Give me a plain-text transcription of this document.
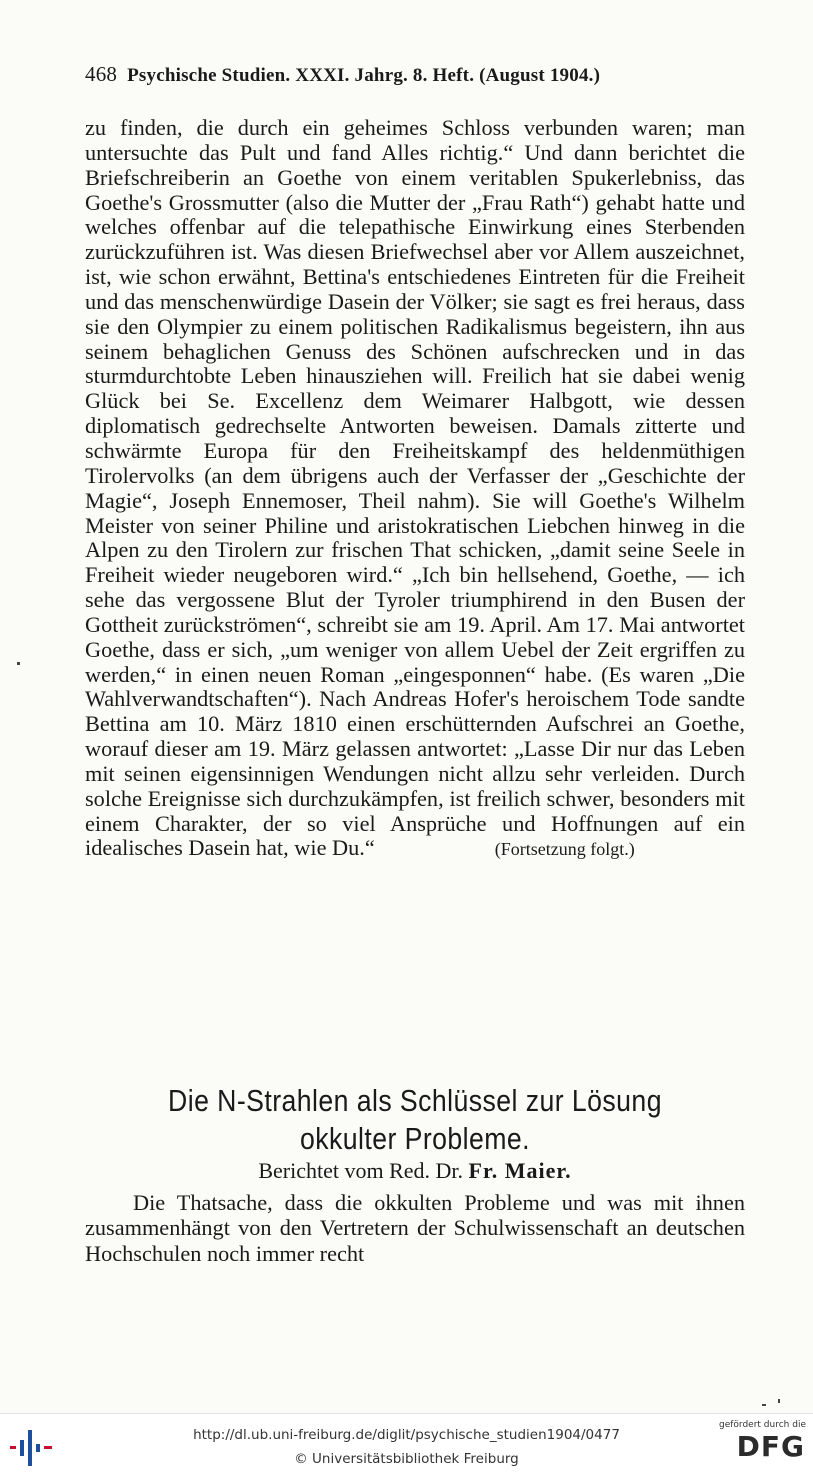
468 Psychische Studien. XXXI. Jahrg. 8. Heft. (August 1904.)

zu finden, die durch ein geheimes Schloss verbunden waren; man untersuchte das Pult und fand Alles richtig.“ Und dann berichtet die Briefschreiberin an Goethe von einem veritablen Spukerlebniss, das Goethe's Grossmutter (also die Mutter der „Frau Rath“) gehabt hatte und welches offenbar auf die telepathische Einwirkung eines Sterbenden zurückzuführen ist. Was diesen Briefwechsel aber vor Allem auszeichnet, ist, wie schon erwähnt, Bettina's entschiedenes Eintreten für die Freiheit und das menschenwürdige Dasein der Völker; sie sagt es frei heraus, dass sie den Olympier zu einem politischen Radikalismus begeistern, ihn aus seinem behaglichen Genuss des Schönen aufschrecken und in das sturmdurchtobte Leben hinausziehen will. Freilich hat sie dabei wenig Glück bei Se. Excellenz dem Weimarer Halbgott, wie dessen diplomatisch gedrechselte Antworten beweisen. Damals zitterte und schwärmte Europa für den Freiheitskampf des heldenmüthigen Tirolervolks (an dem übrigens auch der Verfasser der „Geschichte der Magie“, Joseph Ennemoser, Theil nahm). Sie will Goethe's Wilhelm Meister von seiner Philine und aristokratischen Liebchen hinweg in die Alpen zu den Tirolern zur frischen That schicken, „damit seine Seele in Freiheit wieder neugeboren wird.“ „Ich bin hellsehend, Goethe, — ich sehe das vergossene Blut der Tyroler triumphirend in den Busen der Gottheit zurückströmen“, schreibt sie am 19. April. Am 17. Mai antwortet Goethe, dass er sich, „um weniger von allem Uebel der Zeit ergriffen zu werden,“ in einen neuen Roman „eingesponnen“ habe. (Es waren „Die Wahlverwandtschaften“). Nach Andreas Hofer's heroischem Tode sandte Bettina am 10. März 1810 einen erschütternden Aufschrei an Goethe, worauf dieser am 19. März gelassen antwortet: „Lasse Dir nur das Leben mit seinen eigensinnigen Wendungen nicht allzu sehr verleiden. Durch solche Ereignisse sich durchzukämpfen, ist freilich schwer, besonders mit einem Charakter, der so viel Ansprüche und Hoffnungen auf ein idealisches Dasein hat, wie Du.“	(Fortsetzung folgt.)

Die N-Strahlen als Schlüssel zur Lösung okkulter Probleme.
Berichtet vom Red. Dr. Fr. Maier.

Die Thatsache, dass die okkulten Probleme und was mit ihnen zusammenhängt von den Vertretern der Schulwissenschaft an deutschen Hochschulen noch immer recht

http://dl.ub.uni-freiburg.de/diglit/psychische_studien1904/0477
© Universitätsbibliothek Freiburg
gefördert durch die
DFG
